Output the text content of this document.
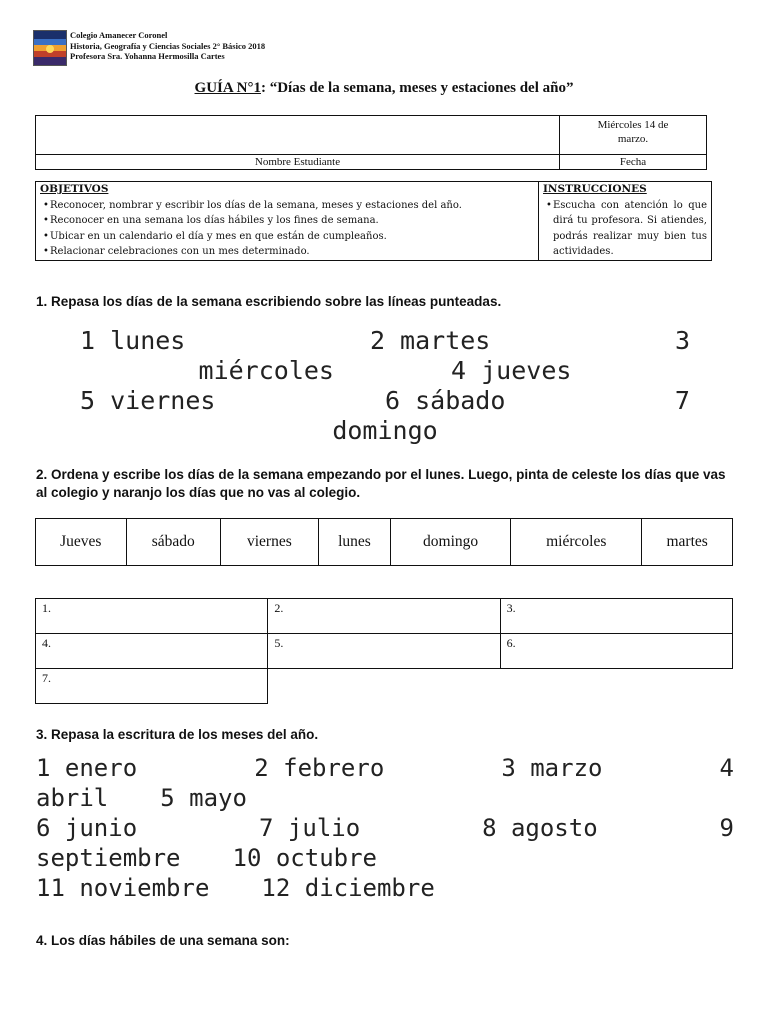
Colegio Amanecer Coronel
Historia, Geografía y Ciencias Sociales 2° Básico 2018
Profesora Sra. Yohanna Hermosilla Cartes
GUÍA N°1: “Días de la semana, meses y estaciones del año”

	Miércoles 14 de
marzo.

Nombre Estudiante	Fecha
OBJETIVOS
• Reconocer, nombrar y escribir los días de la semana, meses y estaciones del año.
• Reconocer en una semana los días hábiles y los fines de semana.
• Ubicar en un calendario el día y mes en que están de cumpleaños.
• Relacionar celebraciones con un mes determinado.

INSTRUCCIONES
• Escucha con atención lo que dirá tu profesora. Si atiendes, podrás realizar muy bien tus actividades.
1. Repasa los días de la semana escribiendo sobre las líneas punteadas.
1 lunes	2 martes	3
miércoles	4 jueves
5 viernes	6 sábado	7
domingo
2. Ordena y escribe los días de la semana empezando por el lunes. Luego, pinta de celeste los días que vas al colegio y naranjo los días que no vas al colegio.
Jueves	sábado	viernes	lunes	domingo	miércoles	martes
1.	2.	3.
4.	5.	6.
7.		
3. Repasa la escritura de los meses del año.
1 enero	2 febrero	3 marzo	4
abril 5 mayo
6 junio	7 julio	8 agosto	9
septiembre 10 octubre
11 noviembre 12 diciembre
4. Los días hábiles de una semana son:
